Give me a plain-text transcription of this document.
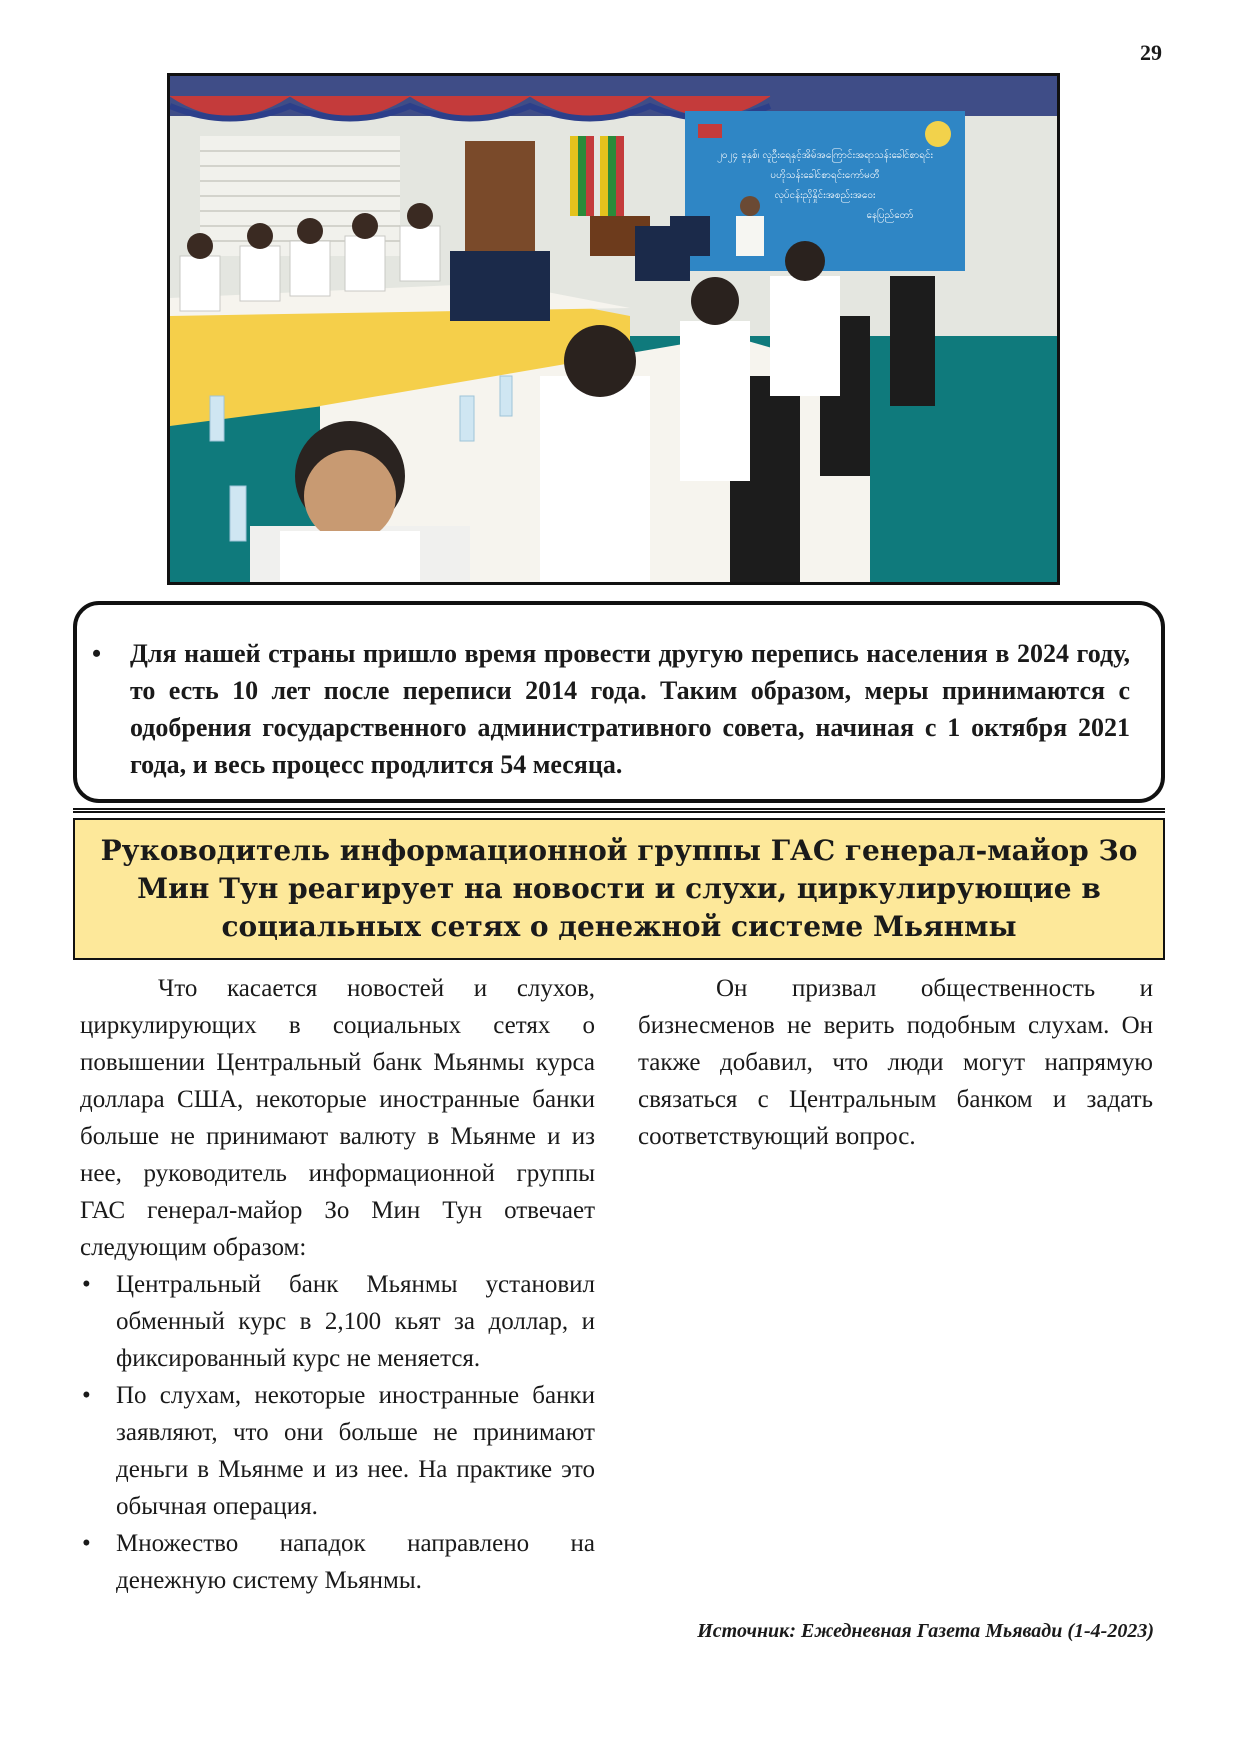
29
၂၀၂၄ ခုနှစ်၊ လူဦးရေနှင့်အိမ်အကြောင်းအရာသန်းခေါင်စာရင်း
ပဟိုသန်းခေါင်စာရင်းကော်မတီ
လုပ်ငန်းညှိနှိုင်းအစည်းအဝေး
နေပြည်တော်
• Для нашей страны пришло время провести другую перепись населения в 2024 году, то есть 10 лет после переписи 2014 года. Таким образом, меры принимаются с одобрения государственного административного совета, начиная с 1 октября 2021 года, и весь процесс продлится 54 месяца.
Руководитель информационной группы ГАС генерал-майор Зо Мин Тун реагирует на новости и слухи, циркулирующие в социальных сетях о денежной системе Мьянмы

Что касается новостей и слухов, циркулирующих в социальных сетях о повышении Центральный банк Мьянмы курса доллара США, некоторые иностранные банки больше не принимают валюту в Мьянме и из нее, руководитель информационной группы ГАС генерал-майор Зо Мин Тун отвечает следующим образом:

• Центральный банк Мьянмы установил обменный курс в 2,100 кьят за доллар, и фиксированный курс не меняется.
• По слухам, некоторые иностранные банки заявляют, что они больше не принимают деньги в Мьянме и из нее. На практике это обычная операция.
• Множество нападок направлено на денежную систему Мьянмы.

Он призвал общественность и бизнесменов не верить подобным слухам. Он также добавил, что люди могут напрямую связаться с Центральным банком и задать соответствующий вопрос.

Источник: Ежедневная Газета Мьявади (1-4-2023)
